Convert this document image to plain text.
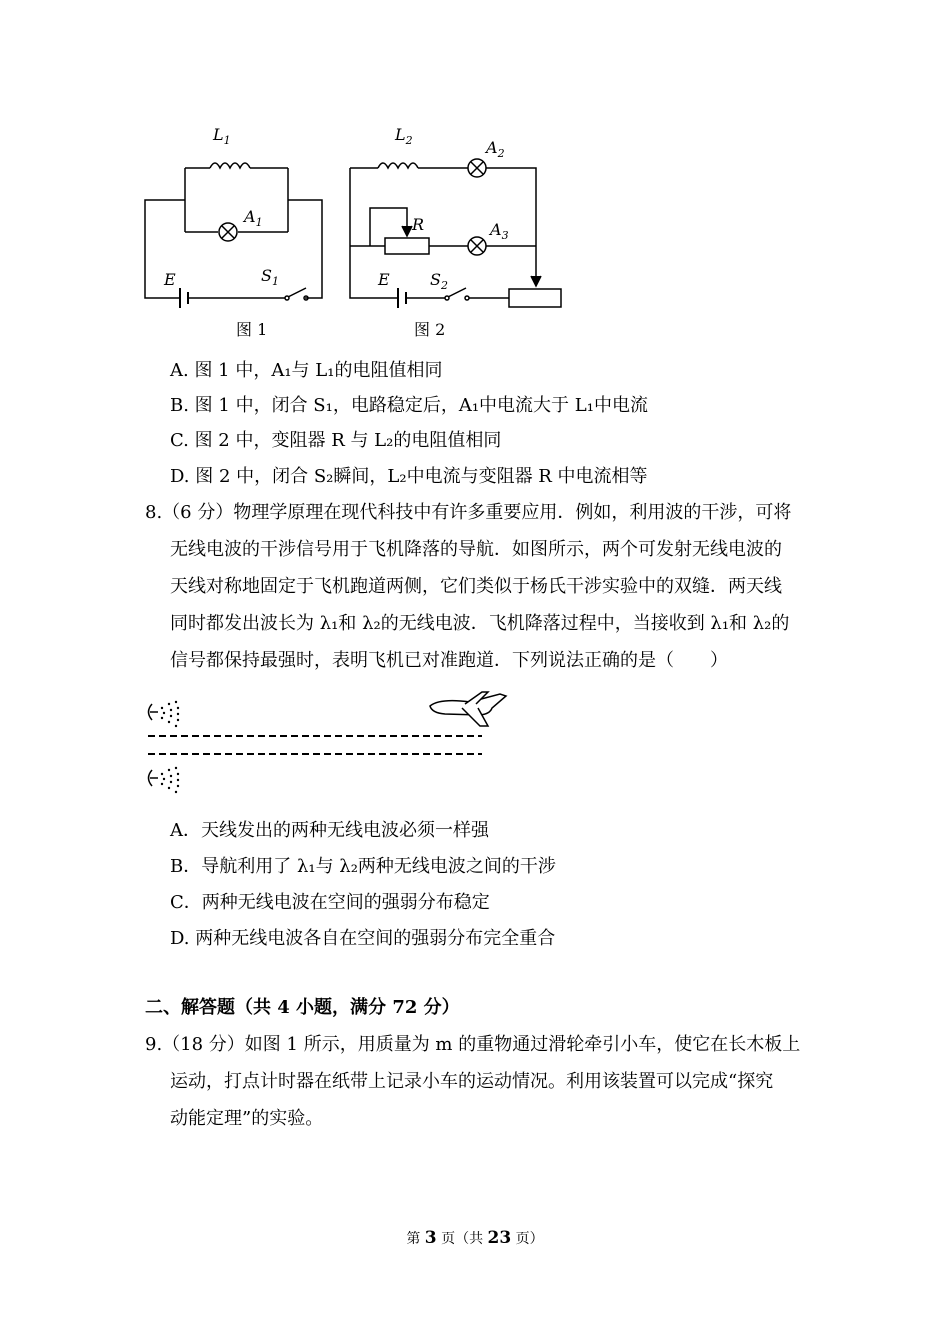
$L_1$
$A_1$
E	$S_1$
图 1
$L_2$	$A_2$
R	$A_3$
E	$S_2$
图 2
A. 图 1 中，A₁与 L₁的电阻值相同
B. 图 1 中，闭合 S₁，电路稳定后，A₁中电流大于 L₁中电流
C. 图 2 中，变阻器 R 与 L₂的电阻值相同
D. 图 2 中，闭合 S₂瞬间，L₂中电流与变阻器 R 中电流相等
8.（6 分）物理学原理在现代科技中有许多重要应用．例如，利用波的干涉，可将
无线电波的干涉信号用于飞机降落的导航．如图所示，两个可发射无线电波的
天线对称地固定于飞机跑道两侧，它们类似于杨氏干涉实验中的双缝．两天线
同时都发出波长为 λ₁和 λ₂的无线电波．飞机降落过程中，当接收到 λ₁和 λ₂的
信号都保持最强时，表明飞机已对准跑道．下列说法正确的是（　　）
A．天线发出的两种无线电波必须一样强
B．导航利用了 λ₁与 λ₂两种无线电波之间的干涉
C．两种无线电波在空间的强弱分布稳定
D. 两种无线电波各自在空间的强弱分布完全重合
二、解答题（共 4 小题，满分 72 分）
9.（18 分）如图 1 所示，用质量为 m 的重物通过滑轮牵引小车，使它在长木板上
运动，打点计时器在纸带上记录小车的运动情况。利用该装置可以完成“探究
动能定理”的实验。
第 3 页（共 23 页）
